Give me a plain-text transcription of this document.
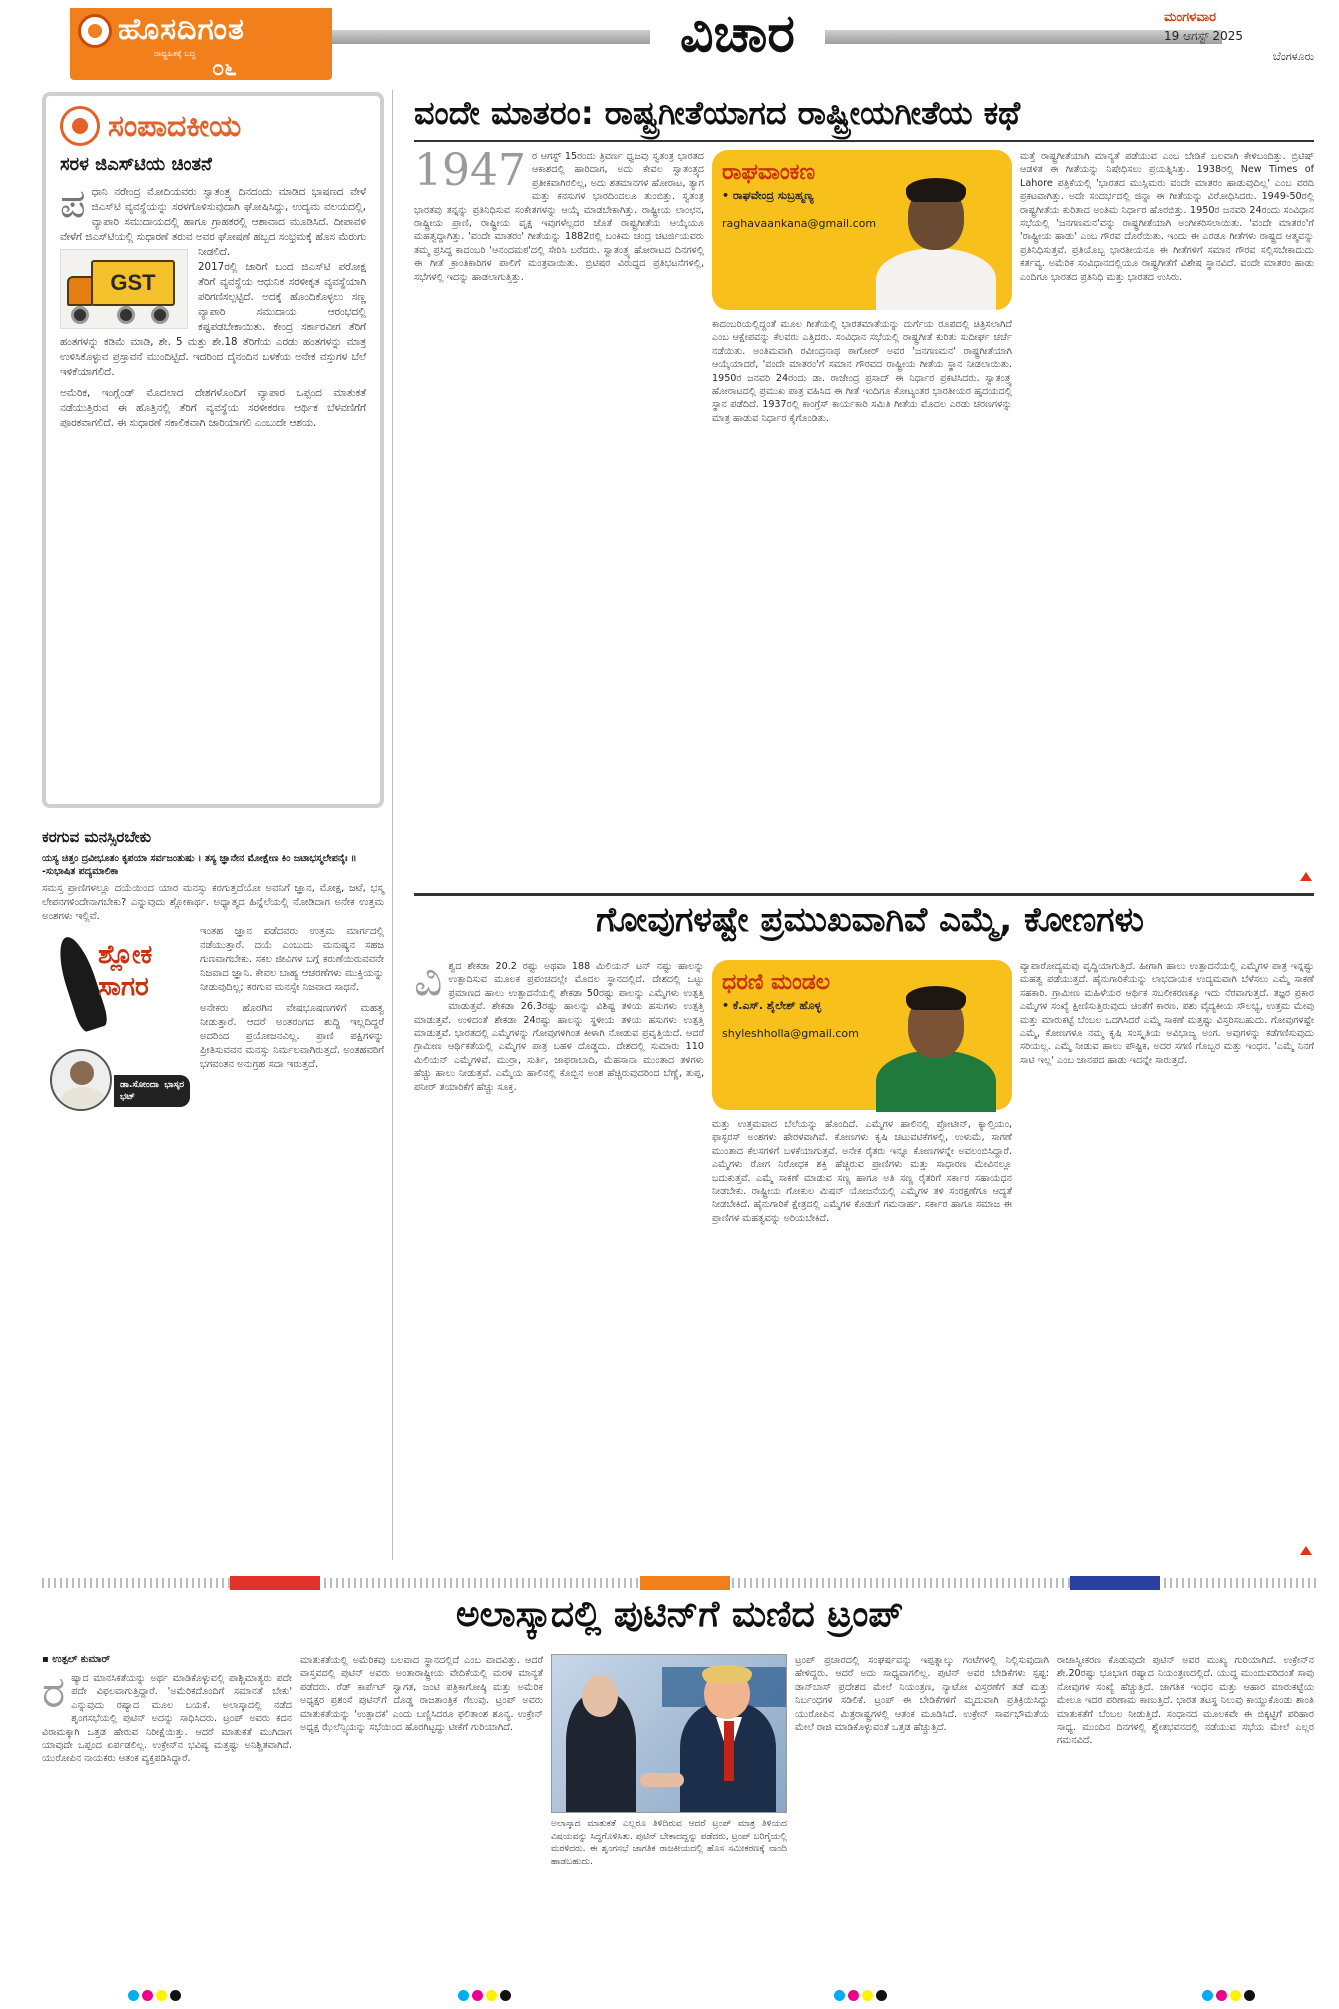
ಹೊಸದಿಗಂತ
ರಾಷ್ಟ್ರಹಿತಕ್ಕೆ ಬದ್ಧ
೦೬
ವಿಚಾರ	ಮಂಗಳವಾರ
19 ಆಗಸ್ಟ್ 2025
ಬೆಂಗಳೂರು
ಸಂಪಾದಕೀಯ
ಸರಳ ಜಿಎಸ್‌ಟಿಯ ಚಿಂತನೆ
ಪ ಧಾನಿ ನರೇಂದ್ರ ಮೋದಿಯವರು ಸ್ವಾತಂತ್ರ್ಯ ದಿನದಂದು ಮಾಡಿದ ಭಾಷಣದ ವೇಳೆ ಜಿಎಸ್‌ಟಿ ವ್ಯವಸ್ಥೆಯನ್ನು ಸರಳಗೊಳಿಸುವುದಾಗಿ ಘೋಷಿಸಿದ್ದು, ಉದ್ಯಮ ವಲಯದಲ್ಲಿ, ವ್ಯಾಪಾರಿ ಸಮುದಾಯದಲ್ಲಿ ಹಾಗೂ ಗ್ರಾಹಕರಲ್ಲಿ ಆಶಾವಾದ ಮೂಡಿಸಿದೆ. ದೀಪಾವಳಿ ವೇಳೆಗೆ ಜಿಎಸ್‌ಟಿಯಲ್ಲಿ ಸುಧಾರಣೆ ತರುವ ಅವರ ಘೋಷಣೆ ಹಬ್ಬದ ಸಂಭ್ರಮಕ್ಕೆ ಹೊಸ ಮೆರುಗು ನೀಡಲಿದೆ.
GST

2017ರಲ್ಲಿ ಜಾರಿಗೆ ಬಂದ ಜಿಎಸ್‌ಟಿ ಪರೋಕ್ಷ ತೆರಿಗೆ ವ್ಯವಸ್ಥೆಯ ಆಧುನಿಕ ಸರಳೀಕೃತ ವ್ಯವಸ್ಥೆಯಾಗಿ ಪರಿಗಣಿಸಲ್ಪಟ್ಟಿದೆ. ಅದಕ್ಕೆ ಹೊಂದಿಕೊಳ್ಳಲು ಸಣ್ಣ ವ್ಯಾಪಾರಿ ಸಮುದಾಯ ಆರಂಭದಲ್ಲಿ ಕಷ್ಟಪಡಬೇಕಾಯಿತು. ಕೇಂದ್ರ ಸರ್ಕಾರವೀಗ ತೆರಿಗೆ ಹಂತಗಳನ್ನು ಕಡಿಮೆ ಮಾಡಿ, ಶೇ. 5 ಮತ್ತು ಶೇ.18 ತೆರಿಗೆಯ ಎರಡು ಹಂತಗಳನ್ನು ಮಾತ್ರ ಉಳಿಸಿಕೊಳ್ಳುವ ಪ್ರಸ್ತಾವನೆ ಮುಂದಿಟ್ಟಿದೆ. ಇದರಿಂದ ದೈನಂದಿನ ಬಳಕೆಯ ಅನೇಕ ವಸ್ತುಗಳ ಬೆಲೆ ಇಳಿಕೆಯಾಗಲಿದೆ.

ಅಮೆರಿಕ, ಇಂಗ್ಲೆಂಡ್ ಮೊದಲಾದ ದೇಶಗಳೊಂದಿಗೆ ವ್ಯಾಪಾರ ಒಪ್ಪಂದ ಮಾತುಕತೆ ನಡೆಯುತ್ತಿರುವ ಈ ಹೊತ್ತಿನಲ್ಲಿ ತೆರಿಗೆ ವ್ಯವಸ್ಥೆಯ ಸರಳೀಕರಣ ಆರ್ಥಿಕ ಬೆಳವಣಿಗೆಗೆ ಪೂರಕವಾಗಲಿದೆ. ಈ ಸುಧಾರಣೆ ಸಕಾಲಿಕವಾಗಿ ಜಾರಿಯಾಗಲಿ ಎಂಬುದೇ ಆಶಯ.

ಕರಗುವ ಮನಸ್ಸಿರಬೇಕು
ಯಸ್ಯ ಚಿತ್ತಂ ದ್ರವೀಭೂತಂ ಕೃಪಯಾ ಸರ್ವಜಂತುಷು । ತಸ್ಯ ಜ್ಞಾನೇನ ಮೋಕ್ಷೇಣ ಕಿಂ ಜಟಾಭಸ್ಮಲೇಪನೈಃ ॥ -ಸುಭಾಷಿತ ಪದ್ಯಮಾಲಿಕಾ

ಸಮಸ್ತ ಪ್ರಾಣಿಗಳಲ್ಲೂ ದಯೆಯಿಂದ ಯಾರ ಮನಸ್ಸು ಕರಗುತ್ತದೆಯೋ ಅವನಿಗೆ ಜ್ಞಾನ, ಮೋಕ್ಷ, ಜಟೆ, ಭಸ್ಮ ಲೇಪನಗಳಿಂದೇನಾಗಬೇಕು? ಎನ್ನುವುದು ಶ್ಲೋಕಾರ್ಥ. ಅಧ್ಯಾತ್ಮದ ಹಿನ್ನೆಲೆಯಲ್ಲಿ ನೋಡಿದಾಗ ಅನೇಕ ಉತ್ತಮ ಅಂಶಗಳು ಇಲ್ಲಿವೆ.

ಶ್ಲೋಕ ಸಾಗರ
ಡಾ.ಸೋಂದಾ ಭಾಸ್ಕರ ಭಟ್

ಇಂತಹ ಜ್ಞಾನ ಪಡೆದವರು ಉತ್ತಮ ಮಾರ್ಗದಲ್ಲಿ ನಡೆಯುತ್ತಾರೆ. ದಯೆ ಎಂಬುದು ಮನುಷ್ಯನ ಸಹಜ ಗುಣವಾಗಬೇಕು. ಸಕಲ ಜೀವಿಗಳ ಬಗ್ಗೆ ಕರುಣೆಯಿರುವವನೇ ನಿಜವಾದ ಜ್ಞಾನಿ. ಕೇವಲ ಬಾಹ್ಯ ಆಚರಣೆಗಳು ಮುಕ್ತಿಯನ್ನು ನೀಡುವುದಿಲ್ಲ; ಕರಗುವ ಮನಸ್ಸೇ ನಿಜವಾದ ಸಾಧನೆ.

ಅನೇಕರು ಹೊರಗಿನ ವೇಷಭೂಷಣಗಳಿಗೆ ಮಹತ್ವ ನೀಡುತ್ತಾರೆ. ಆದರೆ ಅಂತರಂಗದ ಶುದ್ಧಿ ಇಲ್ಲದಿದ್ದರೆ ಅದರಿಂದ ಪ್ರಯೋಜನವಿಲ್ಲ. ಪ್ರಾಣಿ ಪಕ್ಷಿಗಳನ್ನು ಪ್ರೀತಿಸುವವನ ಮನಸ್ಸು ನಿರ್ಮಲವಾಗಿರುತ್ತದೆ. ಅಂತಹವರಿಗೆ ಭಗವಂತನ ಅನುಗ್ರಹ ಸದಾ ಇರುತ್ತದೆ.

ವಂದೇ ಮಾತರಂ: ರಾಷ್ಟ್ರಗೀತೆಯಾಗದ ರಾಷ್ಟ್ರೀಯಗೀತೆಯ ಕಥೆ
1947 ರ ಆಗಸ್ಟ್ 15ರಂದು ತ್ರಿವರ್ಣ ಧ್ವಜವು ಸ್ವತಂತ್ರ ಭಾರತದ ಆಕಾಶದಲ್ಲಿ ಹಾರಿದಾಗ, ಅದು ಕೇವಲ ಸ್ವಾತಂತ್ರ್ಯದ ಪ್ರತೀಕವಾಗಿರಲಿಲ್ಲ, ಅದು ಶತಮಾನಗಳ ಹೋರಾಟ, ತ್ಯಾಗ ಮತ್ತು ಕನಸುಗಳ ಭಾರದಿಂದಲೂ ತುಂಬಿತ್ತು. ಸ್ವತಂತ್ರ ಭಾರತವು ತನ್ನನ್ನು ಪ್ರತಿನಿಧಿಸುವ ಸಂಕೇತಗಳನ್ನು ಆಯ್ಕೆ ಮಾಡಬೇಕಾಗಿತ್ತು. ರಾಷ್ಟ್ರೀಯ ಲಾಂಛನ, ರಾಷ್ಟ್ರೀಯ ಪ್ರಾಣಿ, ರಾಷ್ಟ್ರೀಯ ವೃಕ್ಷ ಇವುಗಳೆಲ್ಲದರ ಜೊತೆ ರಾಷ್ಟ್ರಗೀತೆಯ ಆಯ್ಕೆಯೂ ಮಹತ್ವದ್ದಾಗಿತ್ತು. 'ವಂದೇ ಮಾತರಂ' ಗೀತೆಯನ್ನು 1882ರಲ್ಲಿ ಬಂಕಿಮ ಚಂದ್ರ ಚಟರ್ಜಿಯವರು ತಮ್ಮ ಪ್ರಸಿದ್ಧ ಕಾದಂಬರಿ 'ಆನಂದಮಠ'ದಲ್ಲಿ ಸೇರಿಸಿ ಬರೆದರು. ಸ್ವಾತಂತ್ರ್ಯ ಹೋರಾಟದ ದಿನಗಳಲ್ಲಿ ಈ ಗೀತೆ ಕ್ರಾಂತಿಕಾರಿಗಳ ಪಾಲಿಗೆ ಮಂತ್ರವಾಯಿತು. ಬ್ರಿಟಿಷರ ವಿರುದ್ಧದ ಪ್ರತಿಭಟನೆಗಳಲ್ಲಿ, ಸಭೆಗಳಲ್ಲಿ ಇದನ್ನು ಹಾಡಲಾಗುತ್ತಿತ್ತು.
ರಾಘವಾಂಕಣ
• ರಾಘವೇಂದ್ರ ಸುಬ್ರಹ್ಮಣ್ಯ
raghavaankana@gmail.com
ಕಾದಂಬರಿಯಲ್ಲಿದ್ದಂತೆ ಮೂಲ ಗೀತೆಯಲ್ಲಿ ಭಾರತಮಾತೆಯನ್ನು ದುರ್ಗೆಯ ರೂಪದಲ್ಲಿ ಚಿತ್ರಿಸಲಾಗಿದೆ ಎಂಬ ಆಕ್ಷೇಪವನ್ನು ಕೆಲವರು ಎತ್ತಿದರು. ಸಂವಿಧಾನ ಸಭೆಯಲ್ಲಿ ರಾಷ್ಟ್ರಗೀತೆ ಕುರಿತು ಸುದೀರ್ಘ ಚರ್ಚೆ ನಡೆಯಿತು. ಅಂತಿಮವಾಗಿ ರವೀಂದ್ರನಾಥ ಠಾಗೋರ್ ಅವರ 'ಜನಗಣಮನ' ರಾಷ್ಟ್ರಗೀತೆಯಾಗಿ ಆಯ್ಕೆಯಾದರೆ, 'ವಂದೇ ಮಾತರಂ'ಗೆ ಸಮಾನ ಗೌರವದ ರಾಷ್ಟ್ರೀಯ ಗೀತೆಯ ಸ್ಥಾನ ನೀಡಲಾಯಿತು. 1950ರ ಜನವರಿ 24ರಂದು ಡಾ. ರಾಜೇಂದ್ರ ಪ್ರಸಾದ್ ಈ ನಿರ್ಧಾರ ಪ್ರಕಟಿಸಿದರು. ಸ್ವಾತಂತ್ರ್ಯ ಹೋರಾಟದಲ್ಲಿ ಪ್ರಮುಖ ಪಾತ್ರ ವಹಿಸಿದ ಈ ಗೀತೆ ಇಂದಿಗೂ ಕೋಟ್ಯಂತರ ಭಾರತೀಯರ ಹೃದಯದಲ್ಲಿ ಸ್ಥಾನ ಪಡೆದಿದೆ. 1937ರಲ್ಲಿ ಕಾಂಗ್ರೆಸ್ ಕಾರ್ಯಕಾರಿ ಸಮಿತಿ ಗೀತೆಯ ಮೊದಲ ಎರಡು ಚರಣಗಳನ್ನು ಮಾತ್ರ ಹಾಡುವ ನಿರ್ಧಾರ ಕೈಗೊಂಡಿತು.
ಮತ್ತೆ ರಾಷ್ಟ್ರಗೀತೆಯಾಗಿ ಮಾನ್ಯತೆ ಪಡೆಯುವ ಎಂಬ ಬೇಡಿಕೆ ಬಲವಾಗಿ ಕೇಳಿಬಂದಿತ್ತು. ಬ್ರಿಟಿಷ್ ಆಡಳಿತ ಈ ಗೀತೆಯನ್ನು ನಿಷೇಧಿಸಲು ಪ್ರಯತ್ನಿಸಿತ್ತು. 1938ರಲ್ಲಿ New Times of Lahore ಪತ್ರಿಕೆಯಲ್ಲಿ 'ಭಾರತದ ಮುಸ್ಲಿಮರು ವಂದೇ ಮಾತರಂ ಹಾಡುವುದಿಲ್ಲ' ಎಂಬ ವರದಿ ಪ್ರಕಟವಾಗಿತ್ತು. ಅದೇ ಸಂದರ್ಭದಲ್ಲಿ ಜಿನ್ನಾ ಈ ಗೀತೆಯನ್ನು ವಿರೋಧಿಸಿದರು. 1949-50ರಲ್ಲಿ ರಾಷ್ಟ್ರಗೀತೆಯ ಕುರಿತಾದ ಅಂತಿಮ ನಿರ್ಧಾರ ಹೊರಬಿತ್ತು. 1950ರ ಜನವರಿ 24ರಂದು ಸಂವಿಧಾನ ಸಭೆಯಲ್ಲಿ 'ಜನಗಣಮನ'ವನ್ನು ರಾಷ್ಟ್ರಗೀತೆಯಾಗಿ ಅಂಗೀಕರಿಸಲಾಯಿತು. 'ವಂದೇ ಮಾತರಂ'ಗೆ 'ರಾಷ್ಟ್ರೀಯ ಹಾಡು' ಎಂಬ ಗೌರವ ದೊರೆಯಿತು. ಇಂದು ಈ ಎರಡೂ ಗೀತೆಗಳು ರಾಷ್ಟ್ರದ ಆತ್ಮವನ್ನು ಪ್ರತಿನಿಧಿಸುತ್ತವೆ. ಪ್ರತಿಯೊಬ್ಬ ಭಾರತೀಯನೂ ಈ ಗೀತೆಗಳಿಗೆ ಸಮಾನ ಗೌರವ ಸಲ್ಲಿಸಬೇಕಾದುದು ಕರ್ತವ್ಯ. ಅಮೆರಿಕ ಸಂವಿಧಾನದಲ್ಲಿಯೂ ರಾಷ್ಟ್ರಗೀತೆಗೆ ವಿಶೇಷ ಸ್ಥಾನವಿದೆ. ವಂದೇ ಮಾತರಂ ಹಾಡು ಎಂದಿಗೂ ಭಾರತದ ಪ್ರತಿನಿಧಿ ಮತ್ತು ಭಾರತದ ಉಸಿರು.
ಗೋವುಗಳಷ್ಟೇ ಪ್ರಮುಖವಾಗಿವೆ ಎಮ್ಮೆ, ಕೋಣಗಳು
ವಿ ಶ್ವದ ಶೇಕಡಾ 20.2 ರಷ್ಟು ಅಥವಾ 188 ಮಿಲಿಯನ್ ಟನ್ ನಷ್ಟು ಹಾಲನ್ನು ಉತ್ಪಾದಿಸುವ ಮೂಲಕ ಪ್ರಪಂಚದಲ್ಲೇ ಮೊದಲ ಸ್ಥಾನದಲ್ಲಿದೆ. ದೇಶದಲ್ಲಿ ಒಟ್ಟು ಪ್ರಮಾಣದ ಹಾಲು ಉತ್ಪಾದನೆಯಲ್ಲಿ ಶೇಕಡಾ 50ರಷ್ಟು ಪಾಲನ್ನು ಎಮ್ಮೆಗಳು ಉತ್ಪತ್ತಿ ಮಾಡುತ್ತವೆ. ಶೇಕಡಾ 26.3ರಷ್ಟು ಹಾಲನ್ನು ವಿಶಿಷ್ಟ ತಳಿಯ ಹಸುಗಳು ಉತ್ಪತ್ತಿ ಮಾಡುತ್ತವೆ. ಉಳಿದಂತೆ ಶೇಕಡಾ 24ರಷ್ಟು ಹಾಲನ್ನು ಸ್ಥಳೀಯ ತಳಿಯ ಹಸುಗಳು ಉತ್ಪತ್ತಿ ಮಾಡುತ್ತವೆ. ಭಾರತದಲ್ಲಿ ಎಮ್ಮೆಗಳನ್ನು ಗೋವುಗಳಿಗಿಂತ ಕೀಳಾಗಿ ನೋಡುವ ಪ್ರವೃತ್ತಿಯಿದೆ. ಆದರೆ ಗ್ರಾಮೀಣ ಆರ್ಥಿಕತೆಯಲ್ಲಿ ಎಮ್ಮೆಗಳ ಪಾತ್ರ ಬಹಳ ದೊಡ್ಡದು. ದೇಶದಲ್ಲಿ ಸುಮಾರು 110 ಮಿಲಿಯನ್ ಎಮ್ಮೆಗಳಿವೆ. ಮುರ್ರಾ, ಸುರ್ತಿ, ಜಾಫರಾಬಾದಿ, ಮೆಹಸಾನಾ ಮುಂತಾದ ತಳಿಗಳು ಹೆಚ್ಚು ಹಾಲು ನೀಡುತ್ತವೆ. ಎಮ್ಮೆಯ ಹಾಲಿನಲ್ಲಿ ಕೊಬ್ಬಿನ ಅಂಶ ಹೆಚ್ಚಿರುವುದರಿಂದ ಬೆಣ್ಣೆ, ತುಪ್ಪ, ಪನೀರ್ ತಯಾರಿಕೆಗೆ ಹೆಚ್ಚು ಸೂಕ್ತ.
ಧರಣಿ ಮಂಡಲ
• ಕೆ.ಎಸ್. ಶೈಲೇಶ್ ಹೊಳ್ಳ
shyleshholla@gmail.com
ಮತ್ತು ಉತ್ತಮವಾದ ಬೆಲೆಯನ್ನು ಹೊಂದಿದೆ. ಎಮ್ಮೆಗಳ ಹಾಲಿನಲ್ಲಿ ಪ್ರೋಟೀನ್, ಕ್ಯಾಲ್ಸಿಯಂ, ಫಾಸ್ಫರಸ್ ಅಂಶಗಳು ಹೇರಳವಾಗಿವೆ. ಕೋಣಗಳು ಕೃಷಿ ಚಟುವಟಿಕೆಗಳಲ್ಲಿ, ಉಳುಮೆ, ಸಾಗಣೆ ಮುಂತಾದ ಕೆಲಸಗಳಿಗೆ ಬಳಕೆಯಾಗುತ್ತವೆ. ಅನೇಕ ರೈತರು ಇನ್ನೂ ಕೋಣಗಳನ್ನೇ ಅವಲಂಬಿಸಿದ್ದಾರೆ. ಎಮ್ಮೆಗಳು ರೋಗ ನಿರೋಧಕ ಶಕ್ತಿ ಹೆಚ್ಚಿರುವ ಪ್ರಾಣಿಗಳು ಮತ್ತು ಸಾಧಾರಣ ಮೇವಿನಲ್ಲೂ ಬದುಕುತ್ತವೆ. ಎಮ್ಮೆ ಸಾಕಣೆ ಮಾಡುವ ಸಣ್ಣ ಹಾಗೂ ಅತಿ ಸಣ್ಣ ರೈತರಿಗೆ ಸರ್ಕಾರ ಸಹಾಯಧನ ನೀಡಬೇಕು. ರಾಷ್ಟ್ರೀಯ ಗೋಕುಲ ಮಿಷನ್ ಯೋಜನೆಯಲ್ಲಿ ಎಮ್ಮೆಗಳ ತಳಿ ಸಂರಕ್ಷಣೆಗೂ ಆದ್ಯತೆ ನೀಡಬೇಕಿದೆ. ಹೈನುಗಾರಿಕೆ ಕ್ಷೇತ್ರದಲ್ಲಿ ಎಮ್ಮೆಗಳ ಕೊಡುಗೆ ಗಮನಾರ್ಹ. ಸರ್ಕಾರ ಹಾಗೂ ಸಮಾಜ ಈ ಪ್ರಾಣಿಗಳ ಮಹತ್ವವನ್ನು ಅರಿಯಬೇಕಿದೆ.
ವ್ಯಾಪಾರೋದ್ಯಮವು ವೃದ್ಧಿಯಾಗುತ್ತಿದೆ. ಹೀಗಾಗಿ ಹಾಲು ಉತ್ಪಾದನೆಯಲ್ಲಿ ಎಮ್ಮೆಗಳ ಪಾತ್ರ ಇನ್ನಷ್ಟು ಮಹತ್ವ ಪಡೆಯುತ್ತದೆ. ಹೈನುಗಾರಿಕೆಯನ್ನು ಲಾಭದಾಯಕ ಉದ್ಯಮವಾಗಿ ಬೆಳೆಸಲು ಎಮ್ಮೆ ಸಾಕಣೆ ಸಹಕಾರಿ. ಗ್ರಾಮೀಣ ಮಹಿಳೆಯರ ಆರ್ಥಿಕ ಸಬಲೀಕರಣಕ್ಕೂ ಇದು ನೆರವಾಗುತ್ತದೆ. ತಜ್ಞರ ಪ್ರಕಾರ ಎಮ್ಮೆಗಳ ಸಂಖ್ಯೆ ಕ್ಷೀಣಿಸುತ್ತಿರುವುದು ಚಿಂತೆಗೆ ಕಾರಣ. ಪಶು ವೈದ್ಯಕೀಯ ಸೌಲಭ್ಯ, ಉತ್ತಮ ಮೇವು ಮತ್ತು ಮಾರುಕಟ್ಟೆ ಬೆಂಬಲ ಒದಗಿಸಿದರೆ ಎಮ್ಮೆ ಸಾಕಣೆ ಮತ್ತಷ್ಟು ವಿಸ್ತರಿಸಬಹುದು. ಗೋವುಗಳಷ್ಟೇ ಎಮ್ಮೆ, ಕೋಣಗಳೂ ನಮ್ಮ ಕೃಷಿ ಸಂಸ್ಕೃತಿಯ ಅವಿಭಾಜ್ಯ ಅಂಗ. ಅವುಗಳನ್ನು ಕಡೆಗಣಿಸುವುದು ಸರಿಯಲ್ಲ. ಎಮ್ಮೆ ನೀಡುವ ಹಾಲು ಪೌಷ್ಟಿಕ, ಅದರ ಸಗಣಿ ಗೊಬ್ಬರ ಮತ್ತು ಇಂಧನ. 'ಎಮ್ಮೆ ನಿನಗೆ ಸಾಟಿ ಇಲ್ಲ' ಎಂಬ ಜಾನಪದ ಹಾಡು ಇದನ್ನೇ ಸಾರುತ್ತದೆ.
ಅಲಾಸ್ಕಾದಲ್ಲಿ ಪುಟಿನ್‌ಗೆ ಮಣಿದ ಟ್ರಂಪ್
▪ ಉತ್ಪಲ್ ಕುಮಾರ್
ರ ಷ್ಯಾದ ಮಾನಸಿಕತೆಯನ್ನು ಅರ್ಥ ಮಾಡಿಕೊಳ್ಳುವಲ್ಲಿ ಪಾಶ್ಚಿಮಾತ್ಯರು ಪದೇ ಪದೇ ವಿಫಲವಾಗುತ್ತಿದ್ದಾರೆ. 'ಅಮೆರಿಕದೊಂದಿಗೆ ಸಮಾನತೆ ಬೇಕು' ಎನ್ನುವುದು ರಷ್ಯಾದ ಮೂಲ ಬಯಕೆ. ಅಲಾಸ್ಕಾದಲ್ಲಿ ನಡೆದ ಶೃಂಗಸಭೆಯಲ್ಲಿ ಪುಟಿನ್ ಅದನ್ನು ಸಾಧಿಸಿದರು. ಟ್ರಂಪ್ ಅವರು ಕದನ ವಿರಾಮಕ್ಕಾಗಿ ಒತ್ತಡ ಹೇರುವ ನಿರೀಕ್ಷೆಯಿತ್ತು. ಆದರೆ ಮಾತುಕತೆ ಮುಗಿದಾಗ ಯಾವುದೇ ಒಪ್ಪಂದ ಏರ್ಪಡಲಿಲ್ಲ. ಉಕ್ರೇನ್‌ನ ಭವಿಷ್ಯ ಮತ್ತಷ್ಟು ಅನಿಶ್ಚಿತವಾಗಿದೆ. ಯುರೋಪಿನ ನಾಯಕರು ಆತಂಕ ವ್ಯಕ್ತಪಡಿಸಿದ್ದಾರೆ.
ಮಾತುಕತೆಯಲ್ಲಿ ಅಮೆರಿಕವು ಬಲವಾದ ಸ್ಥಾನದಲ್ಲಿದೆ ಎಂಬ ವಾದವಿತ್ತು. ಆದರೆ ವಾಸ್ತವದಲ್ಲಿ ಪುಟಿನ್ ಅವರು ಅಂತಾರಾಷ್ಟ್ರೀಯ ವೇದಿಕೆಯಲ್ಲಿ ಮರಳಿ ಮಾನ್ಯತೆ ಪಡೆದರು. ರೆಡ್ ಕಾರ್ಪೆಟ್ ಸ್ವಾಗತ, ಜಂಟಿ ಪತ್ರಿಕಾಗೋಷ್ಠಿ ಮತ್ತು ಅಮೆರಿಕ ಅಧ್ಯಕ್ಷರ ಪ್ರಶಂಸೆ ಪುಟಿನ್‌ಗೆ ದೊಡ್ಡ ರಾಜತಾಂತ್ರಿಕ ಗೆಲುವು. ಟ್ರಂಪ್ ಅವರು ಮಾತುಕತೆಯನ್ನು 'ಉತ್ಪಾದಕ' ಎಂದು ಬಣ್ಣಿಸಿದರೂ ಫಲಿತಾಂಶ ಶೂನ್ಯ. ಉಕ್ರೇನ್ ಅಧ್ಯಕ್ಷ ಝೆಲೆನ್ಸ್ಕಿಯನ್ನು ಸಭೆಯಿಂದ ಹೊರಗಿಟ್ಟದ್ದು ಟೀಕೆಗೆ ಗುರಿಯಾಗಿದೆ.
ಅಲಾಸ್ಕಾದ ಮಾತುಕತೆ ಎಲ್ಲರೂ ತಿಳಿದಿರುವ ಆದರೆ ಟ್ರಂಪ್ ಮಾತ್ರ ತಿಳಿಯದ ವಿಷಯವನ್ನು ಸಿದ್ಧಗೊಳಿಸಿತು. ಪುಟಿನ್ ಬೇಕಾದದ್ದನ್ನು ಪಡೆದರು, ಟ್ರಂಪ್ ಬರಿಗೈಯಲ್ಲಿ ಮರಳಿದರು. ಈ ಶೃಂಗಸಭೆ ಜಾಗತಿಕ ರಾಜಕೀಯದಲ್ಲಿ ಹೊಸ ಸಮೀಕರಣಕ್ಕೆ ನಾಂದಿ ಹಾಡಬಹುದು.
ಟ್ರಂಪ್ ಪ್ರಚಾರದಲ್ಲಿ ಸಂಘರ್ಷವನ್ನು ಇಪ್ಪತ್ನಾಲ್ಕು ಗಂಟೆಗಳಲ್ಲಿ ನಿಲ್ಲಿಸುವುದಾಗಿ ಹೇಳಿದ್ದರು. ಆದರೆ ಅದು ಸಾಧ್ಯವಾಗಲಿಲ್ಲ. ಪುಟಿನ್ ಅವರ ಬೇಡಿಕೆಗಳು ಸ್ಪಷ್ಟ: ಡಾನ್‌ಬಾಸ್ ಪ್ರದೇಶದ ಮೇಲೆ ನಿಯಂತ್ರಣ, ನ್ಯಾಟೋ ವಿಸ್ತರಣೆಗೆ ತಡೆ ಮತ್ತು ನಿರ್ಬಂಧಗಳ ಸಡಿಲಿಕೆ. ಟ್ರಂಪ್ ಈ ಬೇಡಿಕೆಗಳಿಗೆ ಮೃದುವಾಗಿ ಪ್ರತಿಕ್ರಿಯಿಸಿದ್ದು ಯುರೋಪಿನ ಮಿತ್ರರಾಷ್ಟ್ರಗಳಲ್ಲಿ ಆತಂಕ ಮೂಡಿಸಿದೆ. ಉಕ್ರೇನ್ ಸಾರ್ವಭೌಮತೆಯ ಮೇಲೆ ರಾಜಿ ಮಾಡಿಕೊಳ್ಳುವಂತೆ ಒತ್ತಡ ಹೆಚ್ಚುತ್ತಿದೆ.
ರಾಜಾಸ್ವೀಕರಣ ಕೊಡುವುದೇ ಪುಟಿನ್ ಅವರ ಮುಖ್ಯ ಗುರಿಯಾಗಿದೆ. ಉಕ್ರೇನ್‌ನ ಶೇ.20ರಷ್ಟು ಭೂಭಾಗ ರಷ್ಯಾದ ನಿಯಂತ್ರಣದಲ್ಲಿದೆ. ಯುದ್ಧ ಮುಂದುವರಿದಂತೆ ಸಾವು ನೋವುಗಳ ಸಂಖ್ಯೆ ಹೆಚ್ಚುತ್ತಿದೆ. ಜಾಗತಿಕ ಇಂಧನ ಮತ್ತು ಆಹಾರ ಮಾರುಕಟ್ಟೆಯ ಮೇಲೂ ಇದರ ಪರಿಣಾಮ ಕಾಣುತ್ತಿದೆ. ಭಾರತ ತಟಸ್ಥ ನಿಲುವು ಕಾಯ್ದುಕೊಂಡು ಶಾಂತಿ ಮಾತುಕತೆಗೆ ಬೆಂಬಲ ನೀಡುತ್ತಿದೆ. ಸಂಧಾನದ ಮೂಲಕವೇ ಈ ಬಿಕ್ಕಟ್ಟಿಗೆ ಪರಿಹಾರ ಸಾಧ್ಯ. ಮುಂದಿನ ದಿನಗಳಲ್ಲಿ ಶ್ವೇತಭವನದಲ್ಲಿ ನಡೆಯುವ ಸಭೆಯ ಮೇಲೆ ಎಲ್ಲರ ಗಮನವಿದೆ.
